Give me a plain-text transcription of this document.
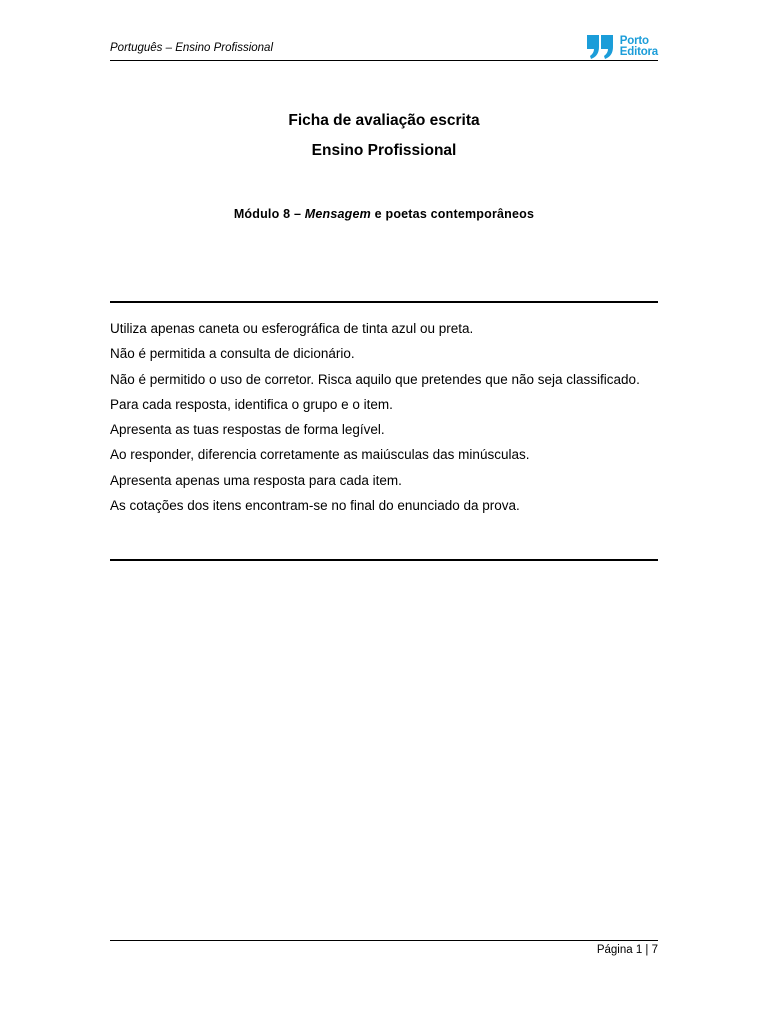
Português – Ensino Profissional
Porto
Editora
Ficha de avaliação escrita
Ensino Profissional
Módulo 8 – Mensagem e poetas contemporâneos

Utiliza apenas caneta ou esferográfica de tinta azul ou preta.

Não é permitida a consulta de dicionário.

Não é permitido o uso de corretor. Risca aquilo que pretendes que não seja classificado.

Para cada resposta, identifica o grupo e o item.

Apresenta as tuas respostas de forma legível.

Ao responder, diferencia corretamente as maiúsculas das minúsculas.

Apresenta apenas uma resposta para cada item.

As cotações dos itens encontram-se no final do enunciado da prova.

Página 1 | 7
